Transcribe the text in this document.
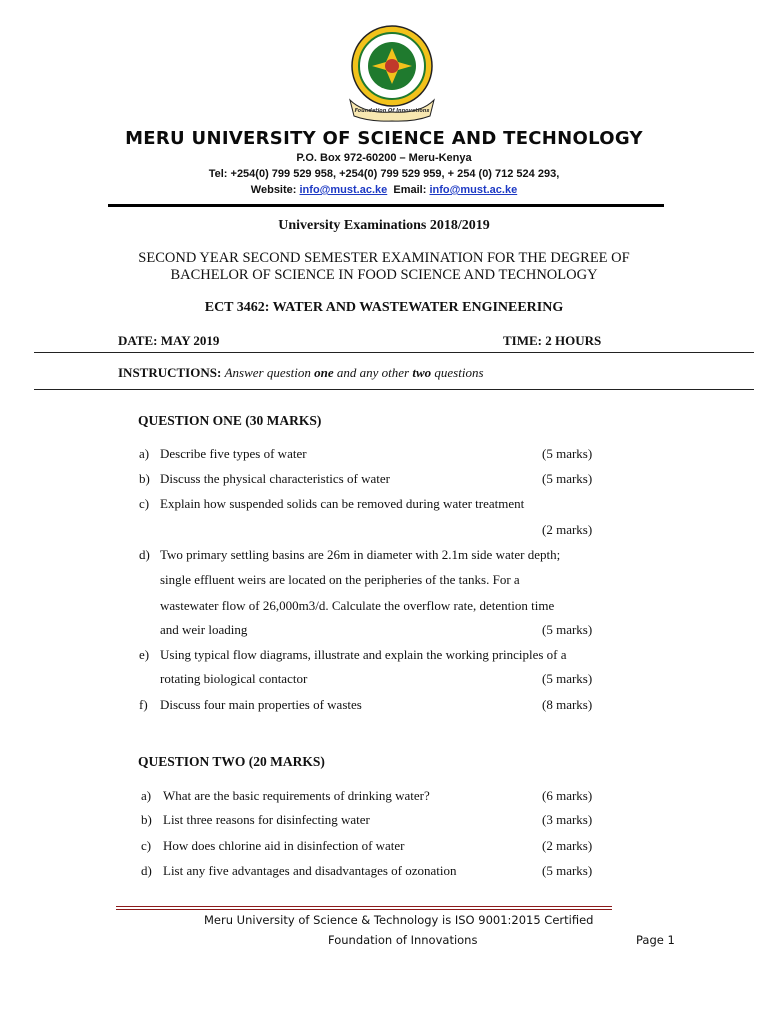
Foundation Of Innovations
MERU UNIVERSITY OF SCIENCE AND TECHNOLOGY
P.O. Box 972-60200 – Meru-Kenya
Tel: +254(0) 799 529 958, +254(0) 799 529 959, + 254 (0) 712 524 293,
Website: info@must.ac.ke Email: info@must.ac.ke
University Examinations 2018/2019
SECOND YEAR SECOND SEMESTER EXAMINATION FOR THE DEGREE OF
BACHELOR OF SCIENCE IN FOOD SCIENCE AND TECHNOLOGY
ECT 3462: WATER AND WASTEWATER ENGINEERING
DATE: MAY 2019	TIME: 2 HOURS
INSTRUCTIONS: Answer question one and any other two questions
QUESTION ONE (30 MARKS)
a) Describe five types of water	(5 marks)
b) Discuss the physical characteristics of water	(5 marks)
c) Explain how suspended solids can be removed during water treatment
(2 marks)
d) Two primary settling basins are 26m in diameter with 2.1m side water depth;
single effluent weirs are located on the peripheries of the tanks. For a
wastewater flow of 26,000m3/d. Calculate the overflow rate, detention time
and weir loading	(5 marks)
e) Using typical flow diagrams, illustrate and explain the working principles of a
rotating biological contactor	(5 marks)
f) Discuss four main properties of wastes	(8 marks)
QUESTION TWO (20 MARKS)
a) What are the basic requirements of drinking water?	(6 marks)
b) List three reasons for disinfecting water	(3 marks)
c) How does chlorine aid in disinfection of water	(2 marks)
d) List any five advantages and disadvantages of ozonation	(5 marks)
Meru University of Science & Technology is ISO 9001:2015 Certified
Foundation of Innovations	Page 1
